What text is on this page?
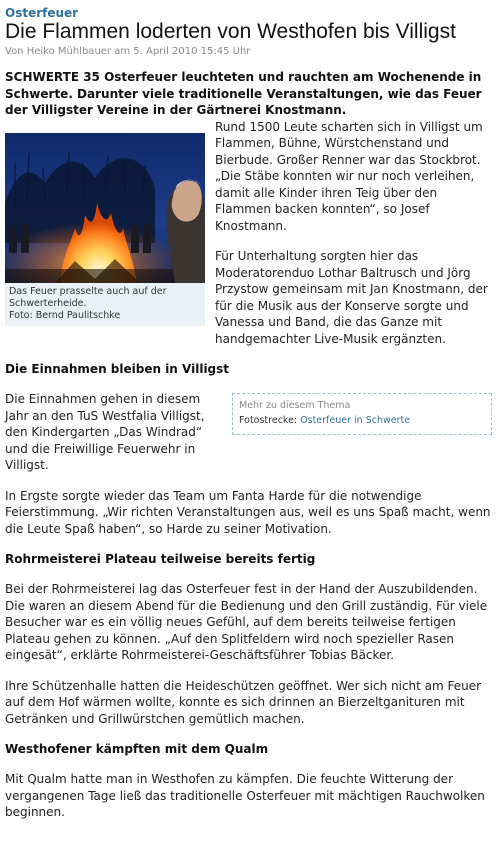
Osterfeuer
Die Flammen loderten von Westhofen bis Villigst
Von Heiko Mühlbauer am 5. April 2010 15:45 Uhr
SCHWERTE 35 Osterfeuer leuchteten und rauchten am Wochenende in Schwerte. Darunter viele traditionelle Veranstaltungen, wie das Feuer der Villigster Vereine in der Gärtnerei Knostmann.
Das Feuer prasselte auch auf der Schwerterheide.
Foto: Bernd Paulitschke

Rund 1500 Leute scharten sich in Villigst um Flammen, Bühne, Würstchenstand und Bierbude. Großer Renner war das Stockbrot. „Die Stäbe konnten wir nur noch verleihen, damit alle Kinder ihren Teig über den Flammen backen konnten“, so Josef Knostmann.

Für Unterhaltung sorgten hier das Moderatorenduo Lothar Baltrusch und Jörg Przystow gemeinsam mit Jan Knostmann, der für die Musik aus der Konserve sorgte und Vanessa und Band, die das Ganze mit handgemachter Live-Musik ergänzten.

Die Einnahmen bleiben in Villigst
Mehr zu diesem Thema
Fotostrecke: Osterfeuer in Schwerte

Die Einnahmen gehen in diesem Jahr an den TuS Westfalia Villigst, den Kindergarten „Das Windrad“ und die Freiwillige Feuerwehr in Villigst.

In Ergste sorgte wieder das Team um Fanta Harde für die notwendige Feierstimmung. „Wir richten Veranstaltungen aus, weil es uns Spaß macht, wenn die Leute Spaß haben“, so Harde zu seiner Motivation.

Rohrmeisterei Plateau teilweise bereits fertig

Bei der Rohrmeisterei lag das Osterfeuer fest in der Hand der Auszubildenden. Die waren an diesem Abend für die Bedienung und den Grill zuständig. Für viele Besucher war es ein völlig neues Gefühl, auf dem bereits teilweise fertigen Plateau gehen zu können. „Auf den Splitfeldern wird noch spezieller Rasen eingesät“, erklärte Rohrmeisterei-Geschäftsführer Tobias Bäcker.

Ihre Schützenhalle hatten die Heideschützen geöffnet. Wer sich nicht am Feuer auf dem Hof wärmen wollte, konnte es sich drinnen an Bierzeltganituren mit Getränken und Grillwürstchen gemütlich machen.

Westhofener kämpften mit dem Qualm

Mit Qualm hatte man in Westhofen zu kämpfen. Die feuchte Witterung der vergangenen Tage ließ das traditionelle Osterfeuer mit mächtigen Rauchwolken beginnen.
